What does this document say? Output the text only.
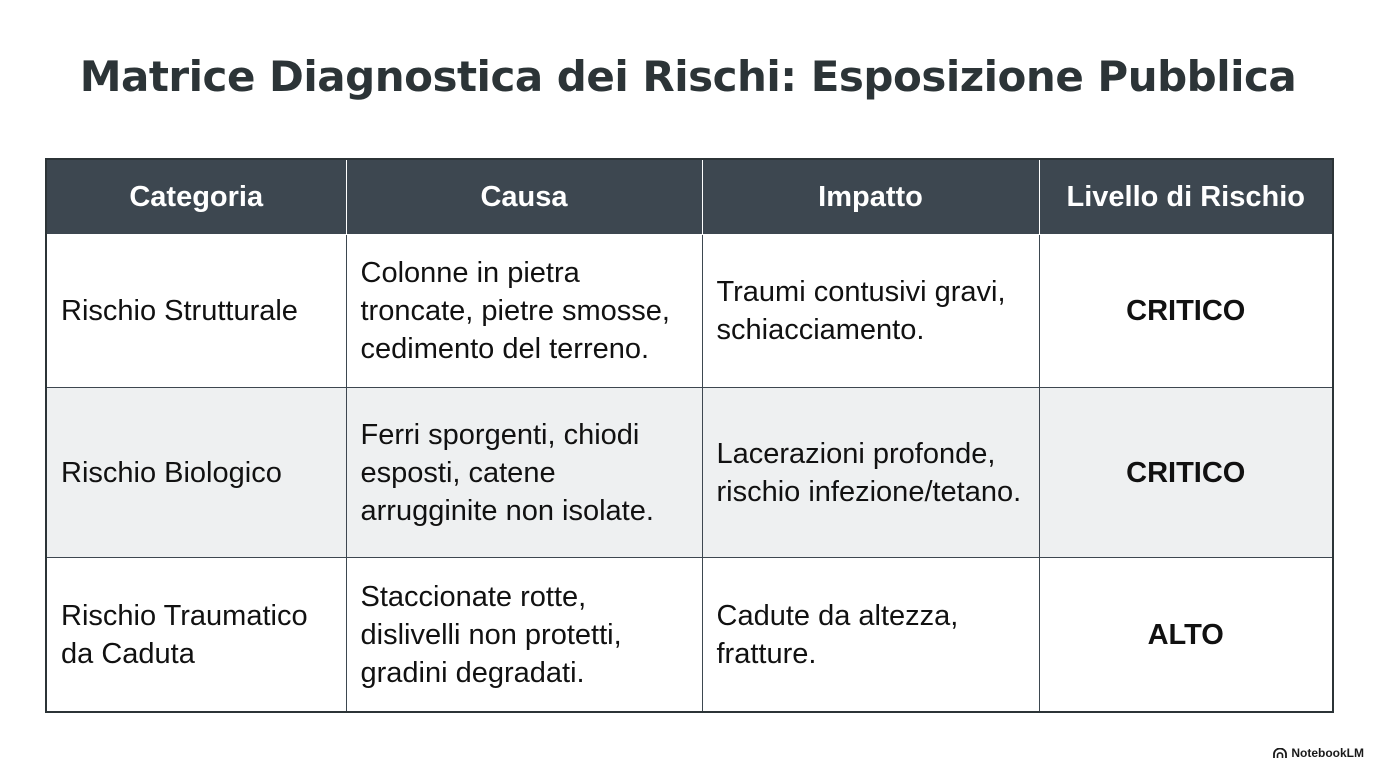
Matrice Diagnostica dei Rischi: Esposizione Pubblica
Categoria	Causa	Impatto	Livello di Rischio
Rischio Strutturale	Colonne in pietra troncate, pietre smosse, cedimento del terreno.	Traumi contusivi gravi, schiacciamento.	CRITICO
Rischio Biologico	Ferri sporgenti, chiodi esposti, catene arrugginite non isolate.	Lacerazioni profonde, rischio infezione/tetano.	CRITICO
Rischio Traumatico da Caduta	Staccionate rotte, dislivelli non protetti, gradini degradati.	Cadute da altezza, fratture.	ALTO
NotebookLM
